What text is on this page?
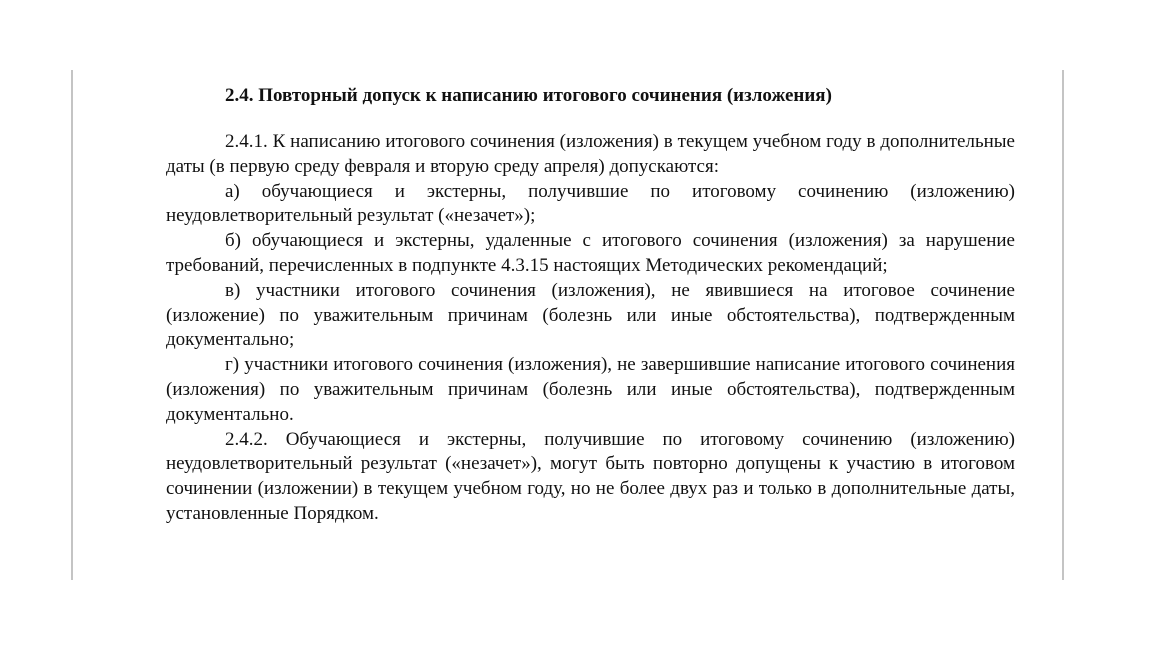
2.4. Повторный допуск к написанию итогового сочинения (изложения)

2.4.1. К написанию итогового сочинения (изложения) в текущем учебном году в дополнительные даты (в первую среду февраля и вторую среду апреля) допускаются:

а) обучающиеся и экстерны, получившие по итоговому сочинению (изложению) неудовлетворительный результат («незачет»);

б) обучающиеся и экстерны, удаленные с итогового сочинения (изложения) за нарушение требований, перечисленных в подпункте 4.3.15 настоящих Методических рекомендаций;

в) участники итогового сочинения (изложения), не явившиеся на итоговое сочинение (изложение) по уважительным причинам (болезнь или иные обстоятельства), подтвержденным документально;

г) участники итогового сочинения (изложения), не завершившие написание итогового сочинения (изложения) по уважительным причинам (болезнь или иные обстоятельства), подтвержденным документально.

2.4.2. Обучающиеся и экстерны, получившие по итоговому сочинению (изложению) неудовлетворительный результат («незачет»), могут быть повторно допущены к участию в итоговом сочинении (изложении) в текущем учебном году, но не более двух раз и только в дополнительные даты, установленные Порядком.
